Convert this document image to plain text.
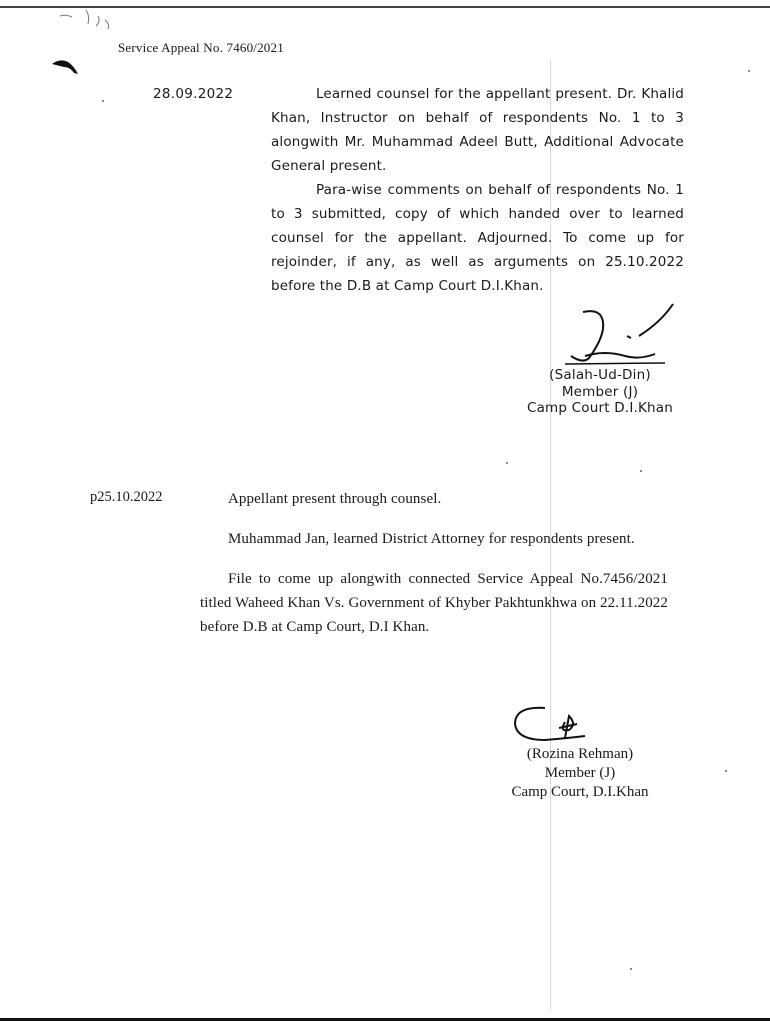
Service Appeal No. 7460/2021
28.09.2022	Learned counsel for the appellant present. Dr. Khalid Khan, Instructor on behalf of respondents No. 1 to 3 alongwith Mr. Muhammad Adeel Butt, Additional Advocate General present.

Para-wise comments on behalf of respondents No. 1 to 3 submitted, copy of which handed over to learned counsel for the appellant. Adjourned. To come up for rejoinder, if any, as well as arguments on 25.10.2022 before the D.B at Camp Court D.I.Khan.

(Salah-Ud-Din)
Member (J)
Camp Court D.I.Khan
p25.10.2022	Appellant present through counsel.

Muhammad Jan, learned District Attorney for respondents present.

File to come up alongwith connected Service Appeal No.7456/2021 titled Waheed Khan Vs. Government of Khyber Pakhtunkhwa on 22.11.2022 before D.B at Camp Court, D.I Khan.

(Rozina Rehman)
Member (J)
Camp Court, D.I.Khan
